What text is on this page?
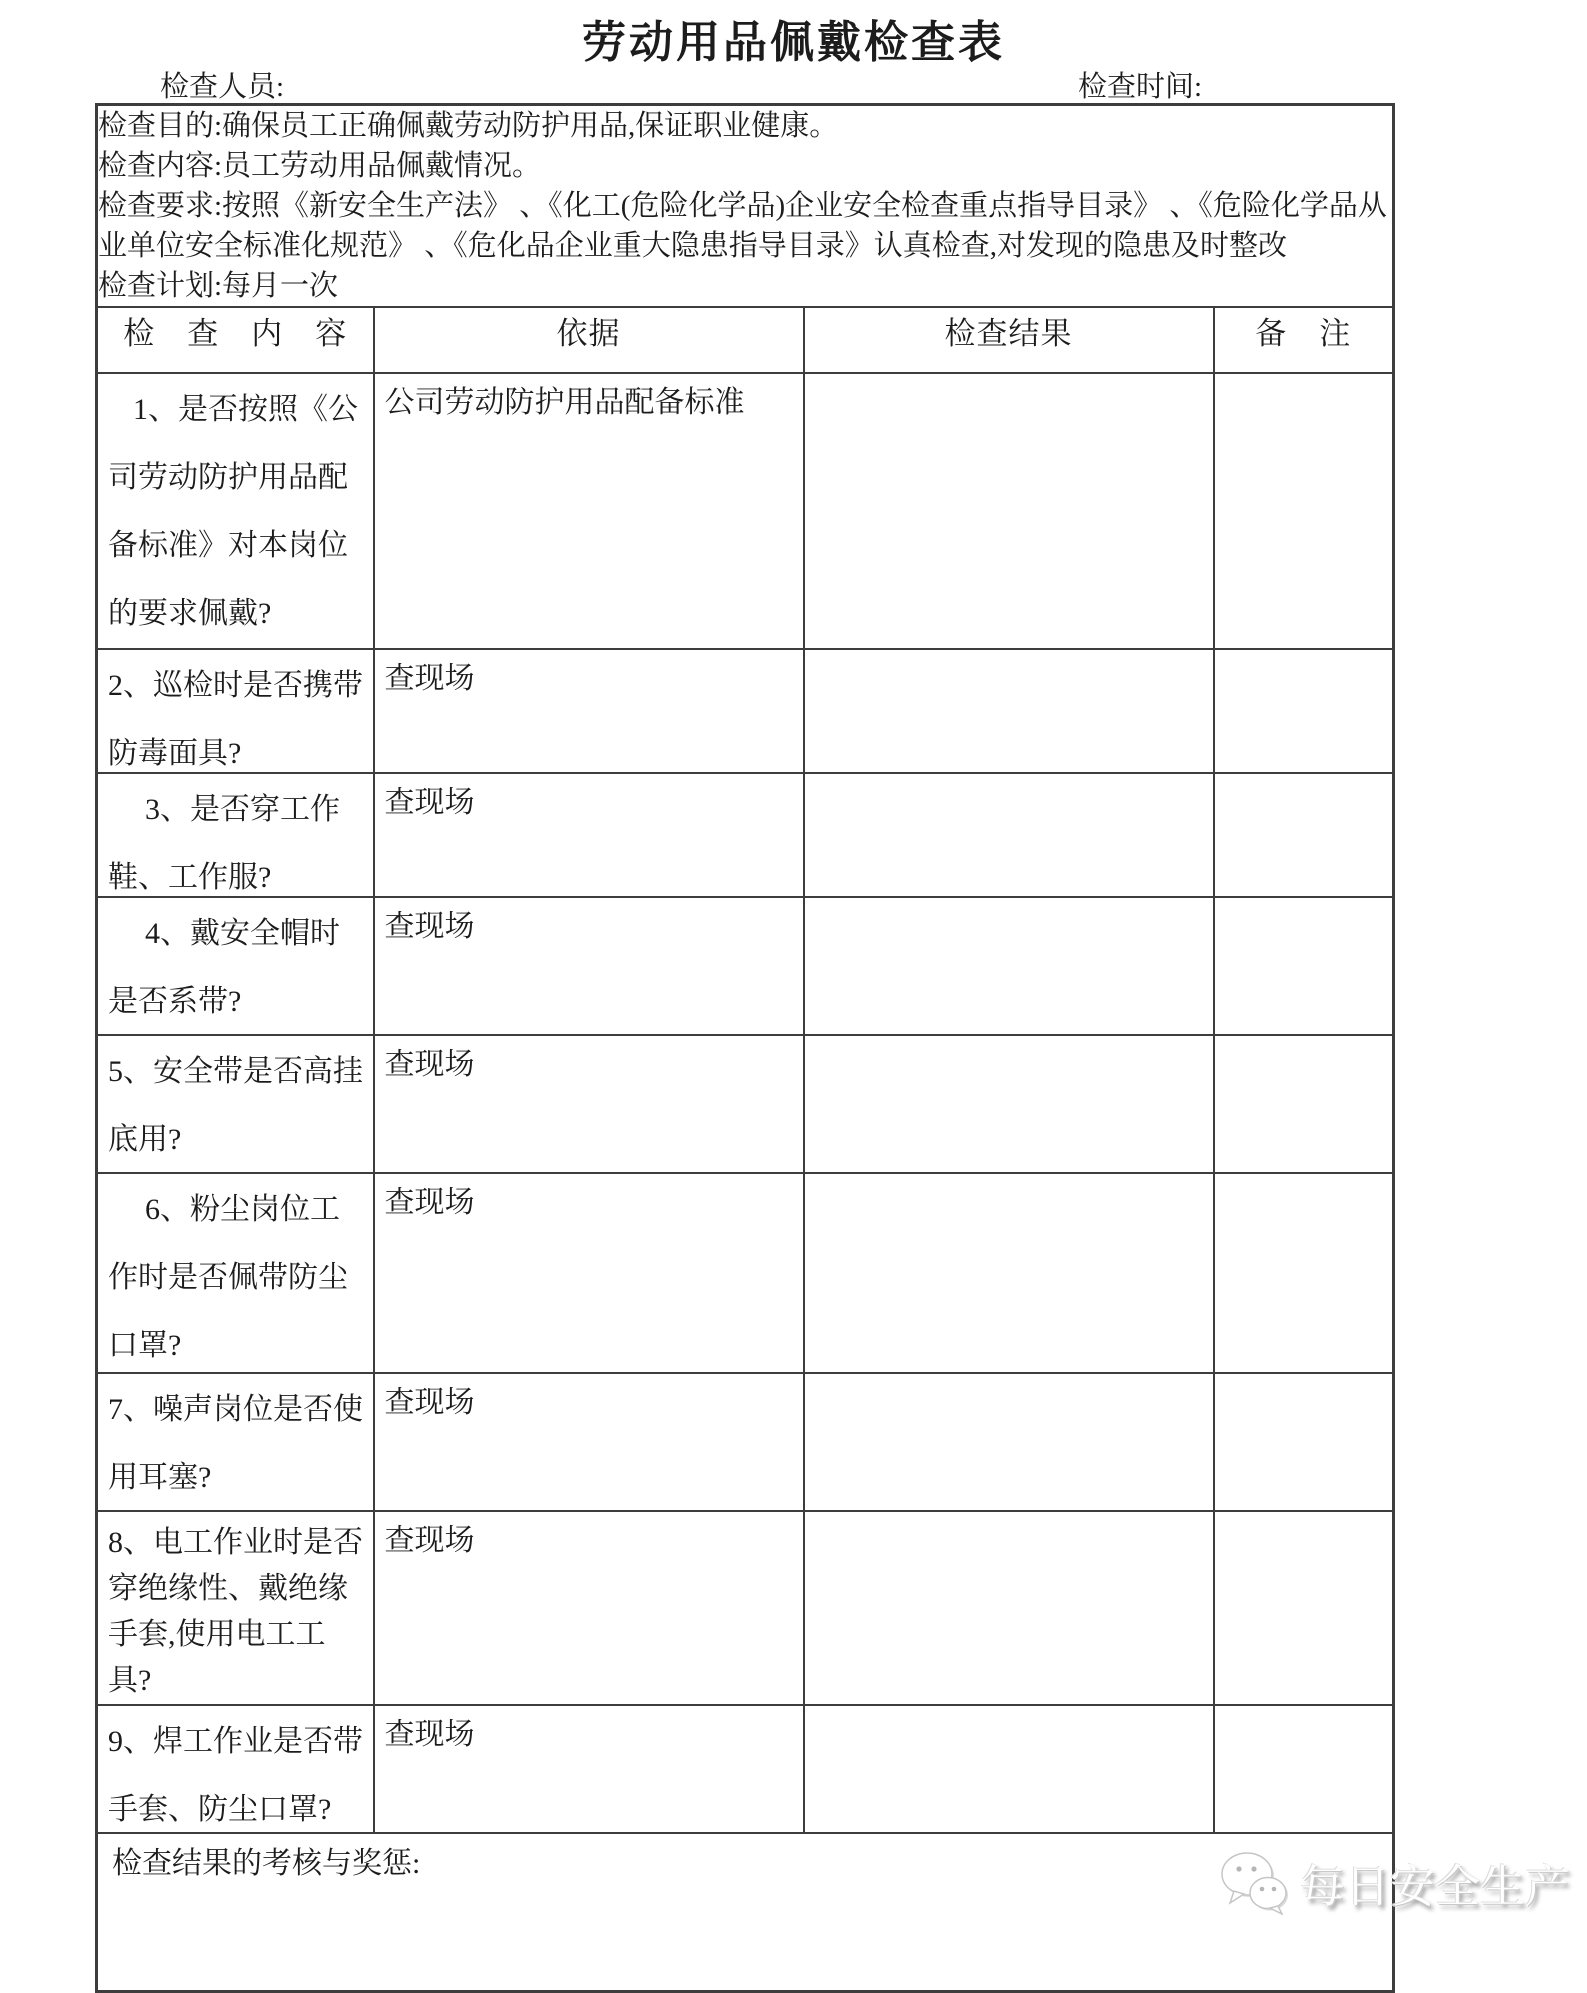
劳动用品佩戴检查表
检查人员:	检查时间:
检查目的:确保员工正确佩戴劳动防护用品,保证职业健康。
检查内容:员工劳动用品佩戴情况。
检查要求:按照《新安全生产法》 、《化工(危险化学品)企业安全检查重点指导目录》 、《危险化学品从业单位安全标准化规范》 、《危化品企业重大隐患指导目录》认真检查,对发现的隐患及时整改
检查计划:每月一次			

检　查　内　容	依据	检查结果	备　注

1、是否按照《公司劳动防护用品配备标准》对本岗位的要求佩戴?	公司劳动防护用品配备标准		

2、巡检时是否携带防毒面具?	查现场		

3、是否穿工作鞋、工作服?	查现场		

4、戴安全帽时是否系带?	查现场		

5、安全带是否高挂底用?	查现场		

6、粉尘岗位工作时是否佩带防尘口罩?	查现场		

7、噪声岗位是否使用耳塞?	查现场		

8、电工作业时是否穿绝缘性、戴绝缘手套,使用电工工具?	查现场		

9、焊工作业是否带手套、防尘口罩?	查现场		

检查结果的考核与奖惩:				每日安全生产
